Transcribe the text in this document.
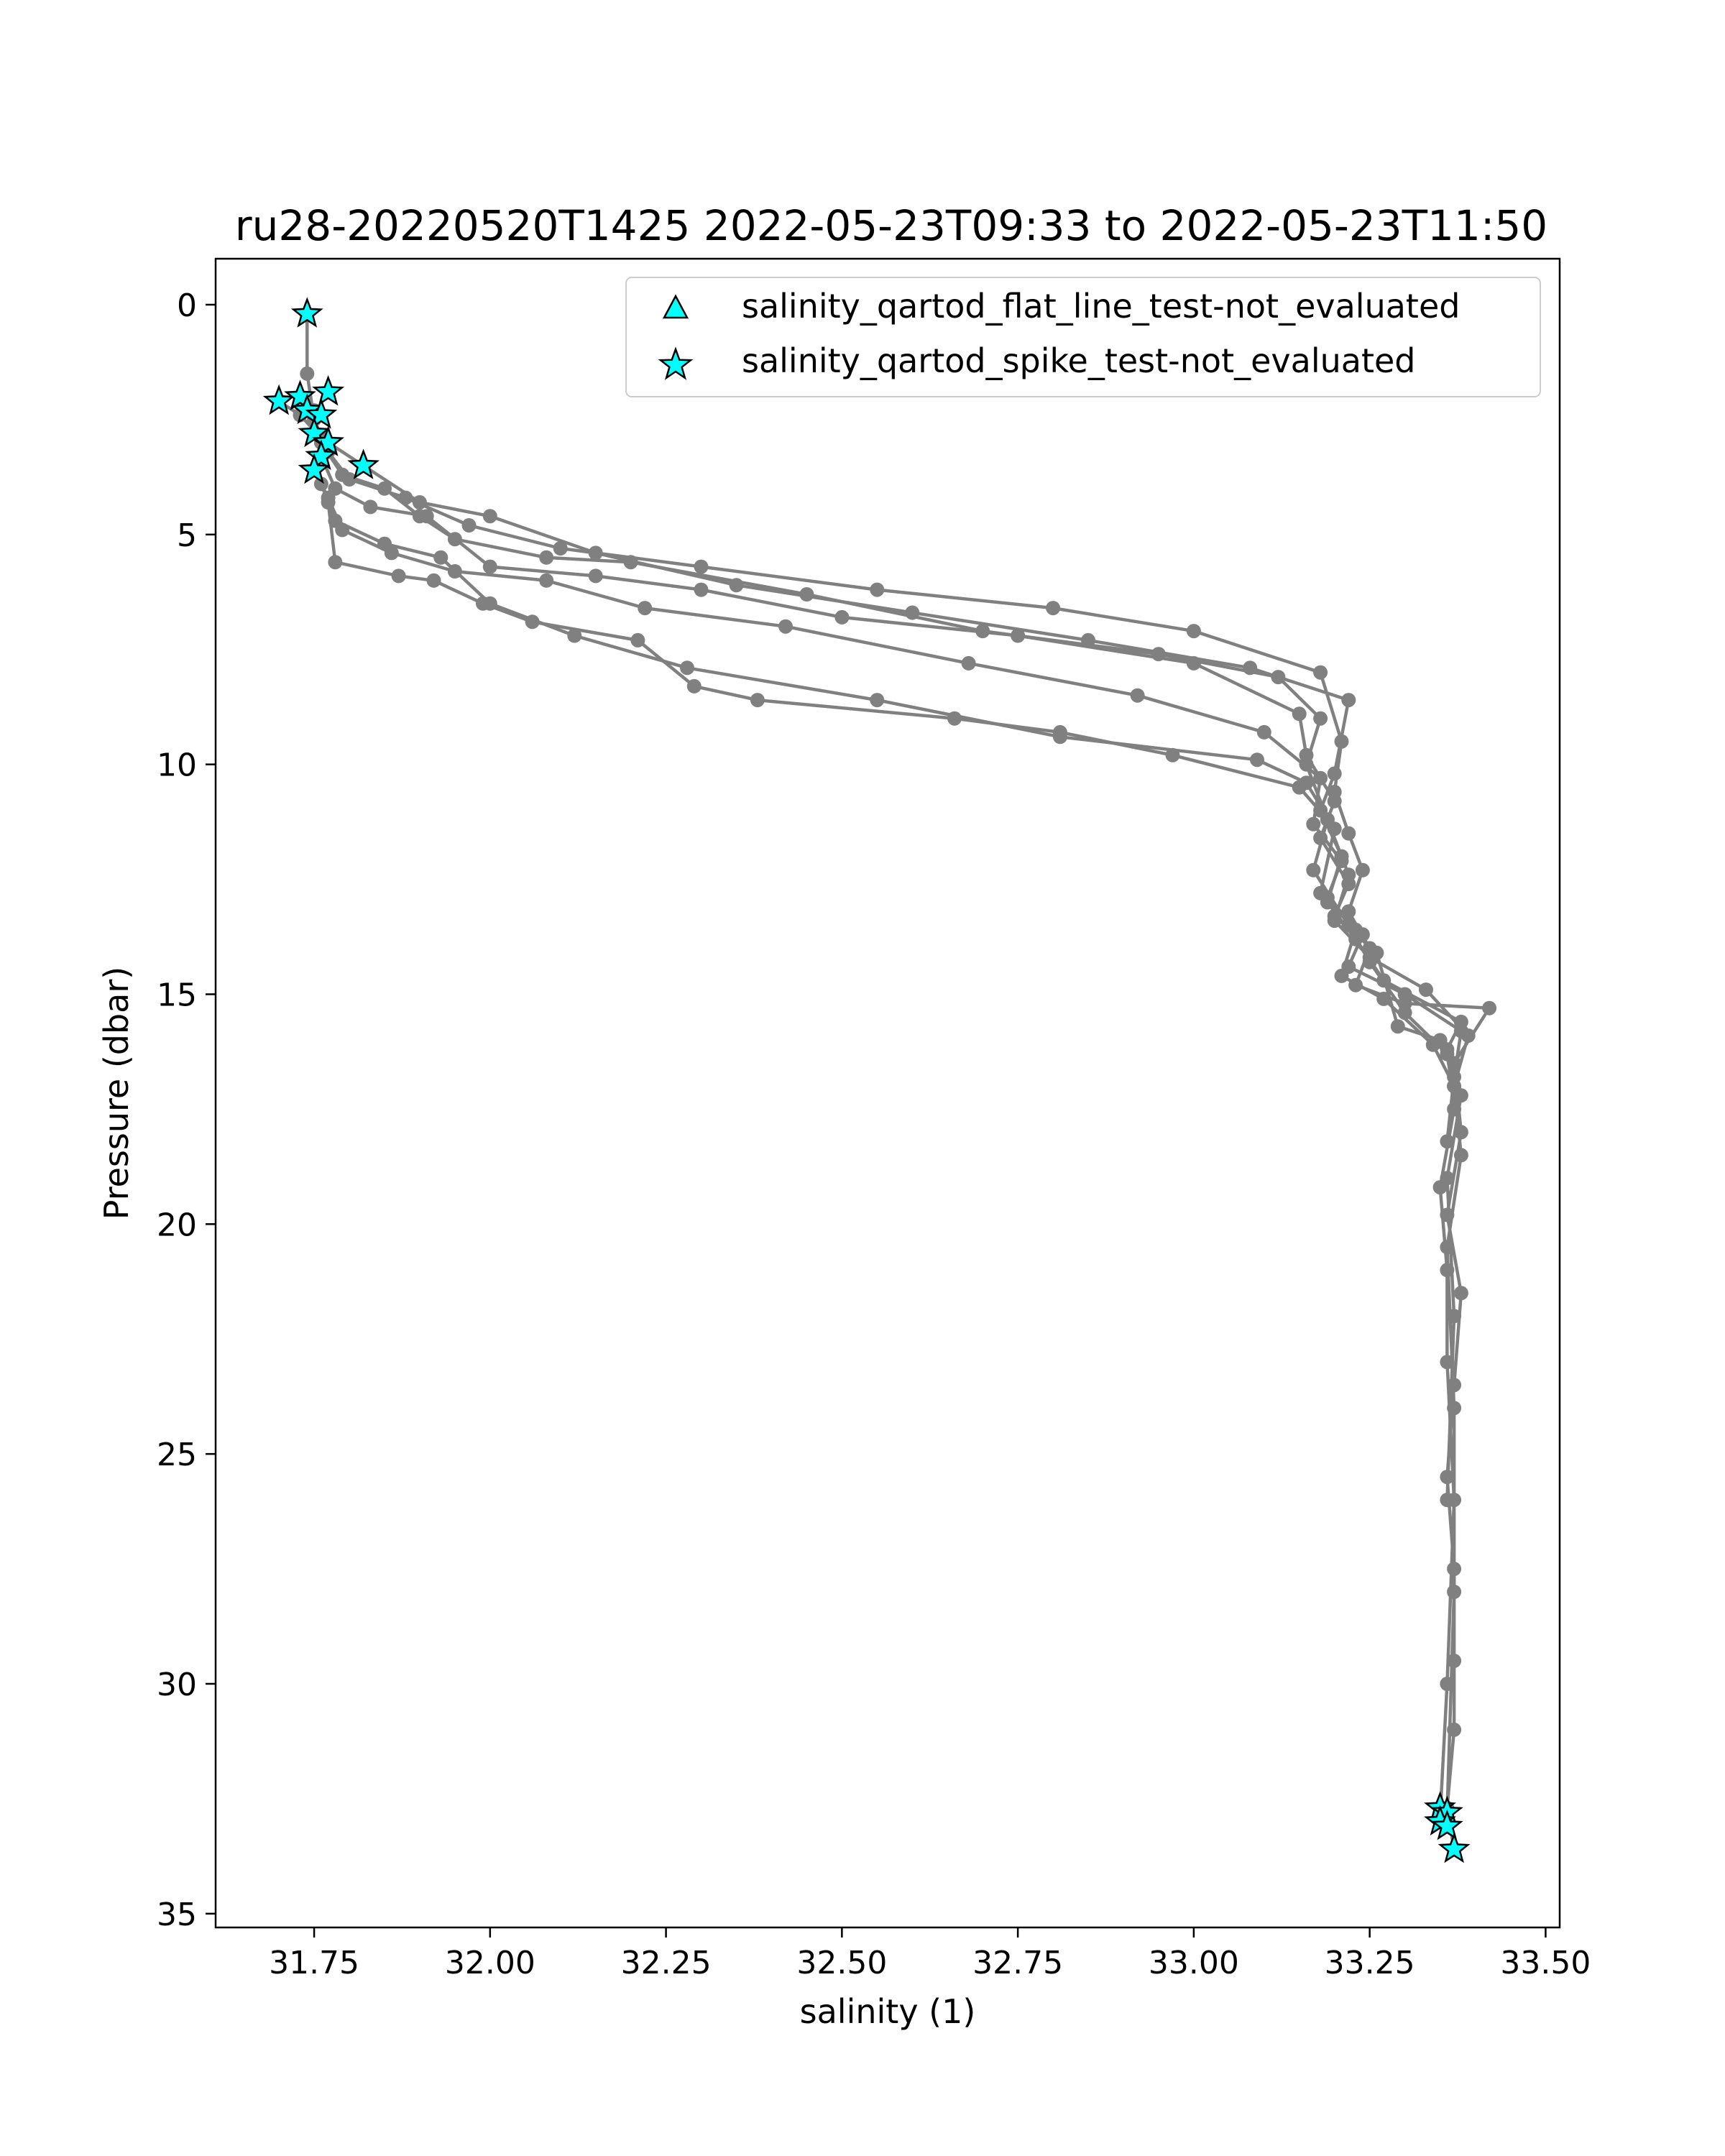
ru28-20220520T1425 2022-05-23T09:33 to 2022-05-23T11:50
31.75	32.00	32.25	32.50	32.75	33.00	33.25	33.50
0
5
10
15
20
25
30
35
salinity (1)
Pressure (dbar)
salinity_qartod_flat_line_test-not_evaluated
salinity_qartod_spike_test-not_evaluated
